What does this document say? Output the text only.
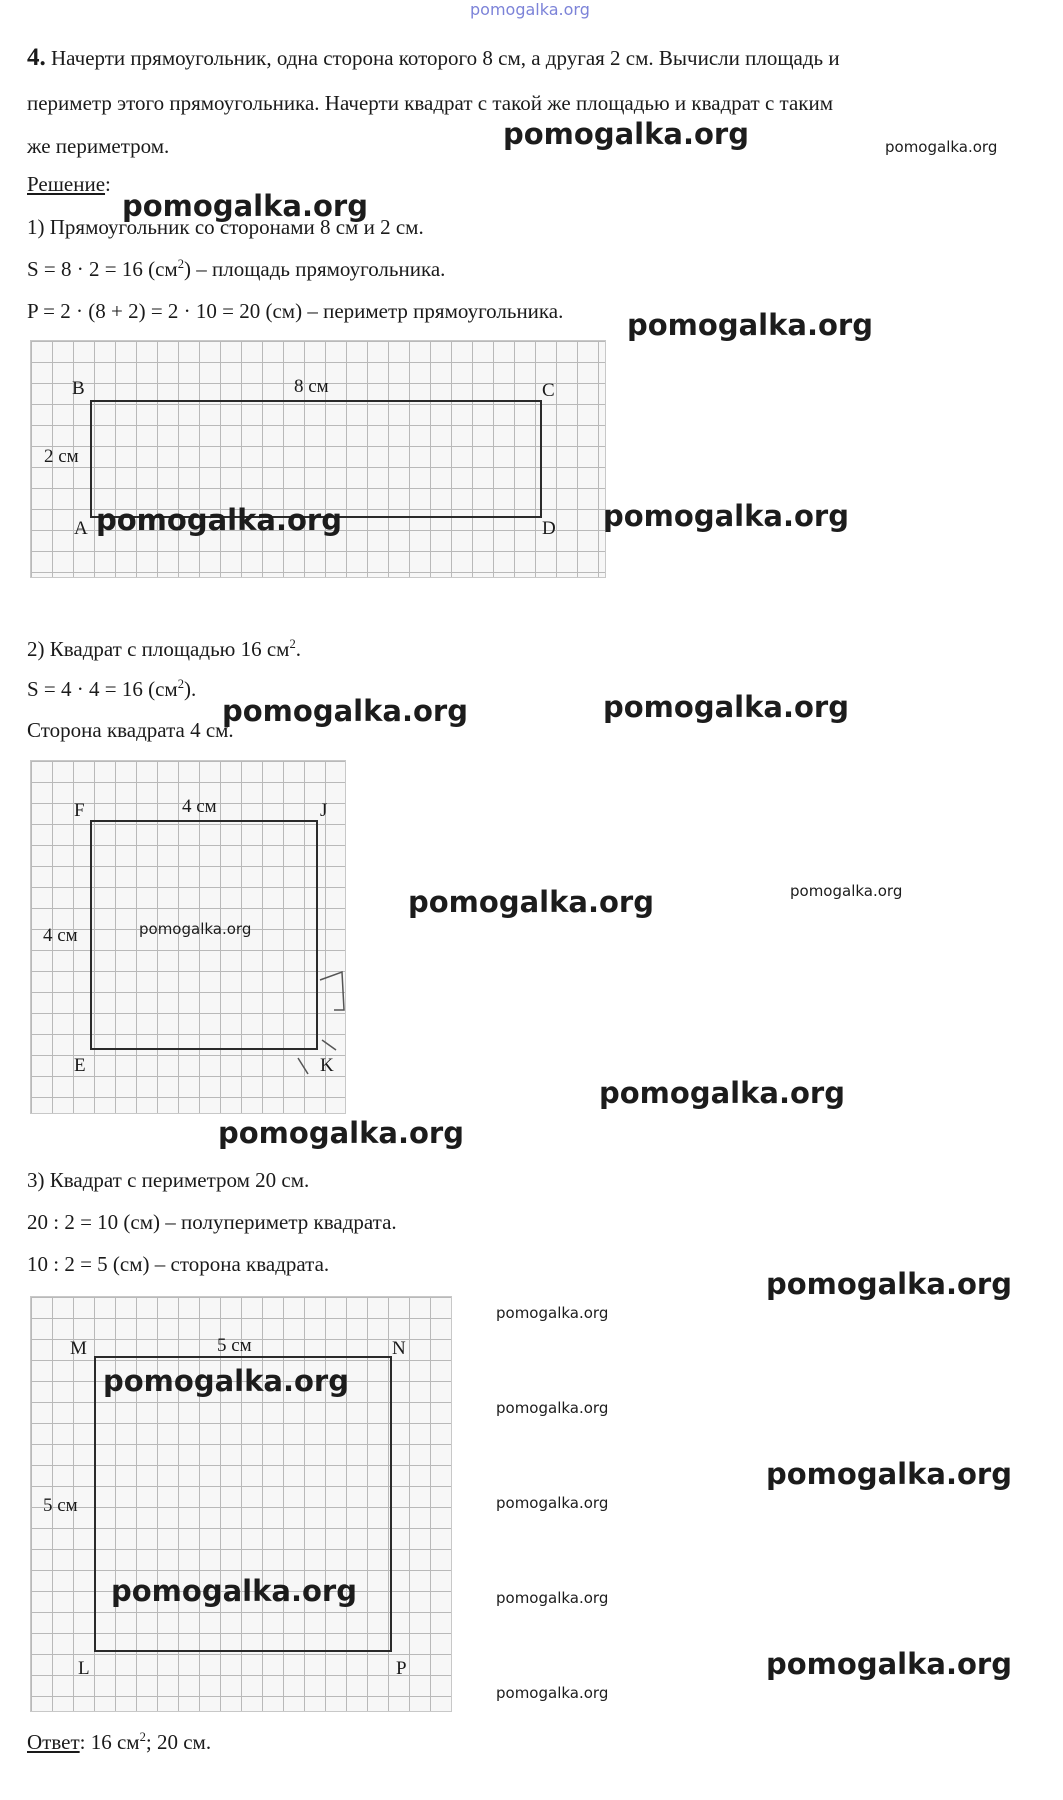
pomogalka.org
4. Начерти прямоугольник, одна сторона которого 8 см, а другая 2 см. Вычисли площадь и
периметр этого прямоугольника. Начерти квадрат с такой же площадью и квадрат с таким
же периметром.
Решение:
1) Прямоугольник со сторонами 8 см и 2 см.
S = 8 · 2 = 16 $(см^2)$ – площадь прямоугольника.
P = 2 · (8 + 2) = 2 · 10 = 20 (см) – периметр прямоугольника.
B	C
A	D
8 см
2 см
2) Квадрат с площадью 16 $см^2$.
S = 4 · 4 = 16 $(см^2)$.
Сторона квадрата 4 см.
F	J
E	K
4 см
4 см
3) Квадрат с периметром 20 см.
20 : 2 = 10 (см) – полупериметр квадрата.
10 : 2 = 5 (см) – сторона квадрата.
M	N
L	P
5 см
5 см
Ответ: 16 $см^2$; 20 см.
pomogalka.org	pomogalka.org
pomogalka.org
pomogalka.org
pomogalka.org	pomogalka.org
pomogalka.org	pomogalka.org
pomogalka.org	pomogalka.org
pomogalka.org
pomogalka.org
pomogalka.org
pomogalka.org
pomogalka.org
pomogalka.org
pomogalka.org
pomogalka.org
pomogalka.org
pomogalka.org	pomogalka.org
pomogalka.org
pomogalka.org
